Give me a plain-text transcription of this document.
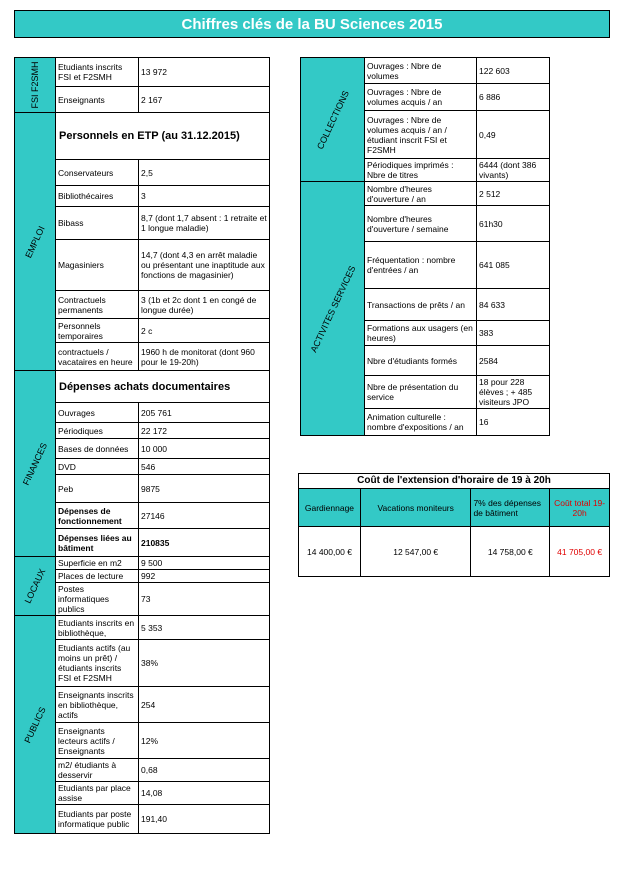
Chiffres clés de la BU Sciences 2015
FSI F2SMH	Etudiants inscrits FSI et F2SMH	13 972
	Enseignants	2 167

EMPLOI	Personnels en ETP (au 31.12.2015)	
	Conservateurs	2,5
	Bibliothécaires	3
	Bibass	8,7 (dont 1,7 absent : 1 retraite et 1 longue maladie)
	Magasiniers	14,7 (dont 4,3 en arrêt maladie ou présentant une inaptitude aux fonctions de magasinier)
	Contractuels permanents	3 (1b et 2c dont 1 en congé de longue durée)
	Personnels temporaires	2 c
	contractuels / vacataires en heure	1960 h de monitorat (dont 960 pour le 19-20h)

FINANCES	Dépenses achats documentaires	
	Ouvrages	205 761
	Périodiques	22 172
	Bases de données	10 000
	DVD	546
	Peb	9875
	Dépenses de fonctionnement	27146
	Dépenses liées au bâtiment	210835

LOCAUX	Superficie en m2	9 500
	Places de lecture	992
	Postes informatiques publics	73

PUBLICS	Etudiants inscrits en bibliothèque,	5 353
	Etudiants actifs (au moins un prêt) / étudiants inscrits FSI et F2SMH	38%
	Enseignants inscrits en bibliothèque, actifs	254
	Enseignants lecteurs actifs / Enseignants	12%
	m2/ étudiants à desservir	0,68
	Etudiants par place assise	14,08
	Etudiants par poste informatique public	191,40
COLLECTIONS	Ouvrages : Nbre de volumes	122 603
	Ouvrages : Nbre de volumes acquis / an	6 886
	Ouvrages : Nbre de volumes acquis / an / étudiant inscrit FSI et F2SMH	0,49
	Périodiques imprimés : Nbre de titres	6444 (dont 386 vivants)

ACTIVITES SERVICES	Nombre d'heures d'ouverture / an	2 512
	Nombre d'heures d'ouverture / semaine	61h30
	Fréquentation : nombre d'entrées / an	641 085
	Transactions de prêts / an	84 633
	Formations aux usagers (en heures)	383
	Nbre d'étudiants formés	2584
	Nbre de présentation du service	18 pour 228 élèves ; + 485 visiteurs JPO
	Animation culturelle : nombre d'expositions / an	16
Coût de l'extension d'horaire de 19 à 20h			
Gardiennage	Vacations moniteurs	7% des dépenses de bâtiment	Coût total 19-20h
14 400,00 €	12 547,00 €	14 758,00 €	41 705,00 €
